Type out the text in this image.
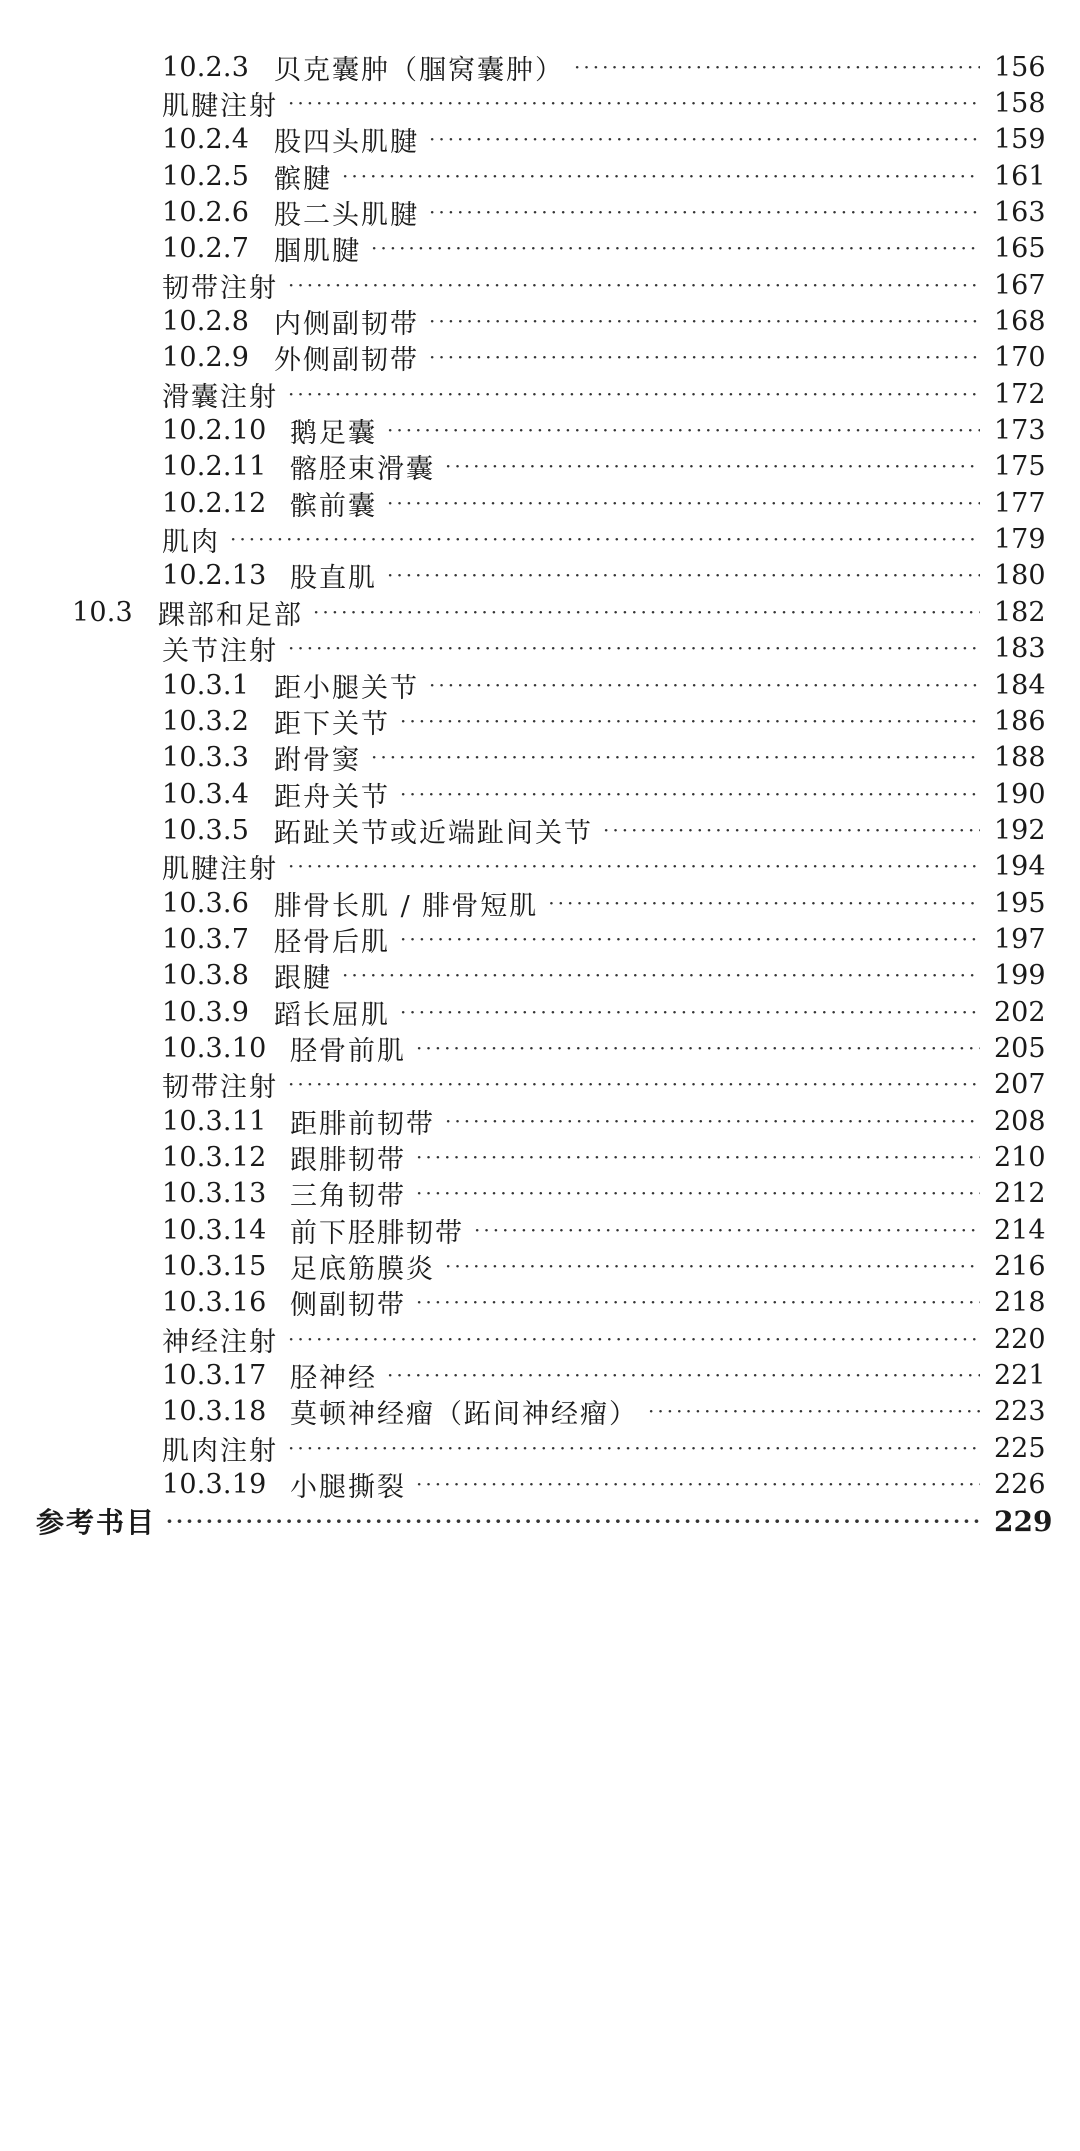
10.2.3 贝克囊肿（腘窝囊肿） ·····	156
肌腱注射 ·····	158
10.2.4 股四头肌腱 ·····	159
10.2.5 髌腱 ·····	161
10.2.6 股二头肌腱 ·····	163
10.2.7 腘肌腱 ·····	165
韧带注射 ·····	167
10.2.8 内侧副韧带 ·····	168
10.2.9 外侧副韧带 ·····	170
滑囊注射 ·····	172
10.2.10 鹅足囊 ·····	173
10.2.11 髂胫束滑囊 ·····	175
10.2.12 髌前囊 ·····	177
肌肉 ·····	179
10.2.13 股直肌 ·····	180
10.3 踝部和足部 ·····	182
关节注射 ·····	183
10.3.1 距小腿关节 ·····	184
10.3.2 距下关节 ·····	186
10.3.3 跗骨窦 ·····	188
10.3.4 距舟关节 ·····	190
10.3.5 跖趾关节或近端趾间关节 ·····	192
肌腱注射 ·····	194
10.3.6 腓骨长肌 / 腓骨短肌 ·····	195
10.3.7 胫骨后肌 ·····	197
10.3.8 跟腱 ·····	199
10.3.9 蹈长屈肌 ·····	202
10.3.10 胫骨前肌 ·····	205
韧带注射 ·····	207
10.3.11 距腓前韧带 ·····	208
10.3.12 跟腓韧带 ·····	210
10.3.13 三角韧带 ·····	212
10.3.14 前下胫腓韧带 ·····	214
10.3.15 足底筋膜炎 ·····	216
10.3.16 侧副韧带 ·····	218
神经注射 ·····	220
10.3.17 胫神经 ·····	221
10.3.18 莫顿神经瘤（跖间神经瘤） ·····	223
肌肉注射 ·····	225
10.3.19 小腿撕裂 ·····	226
参考书目 ·····	229
